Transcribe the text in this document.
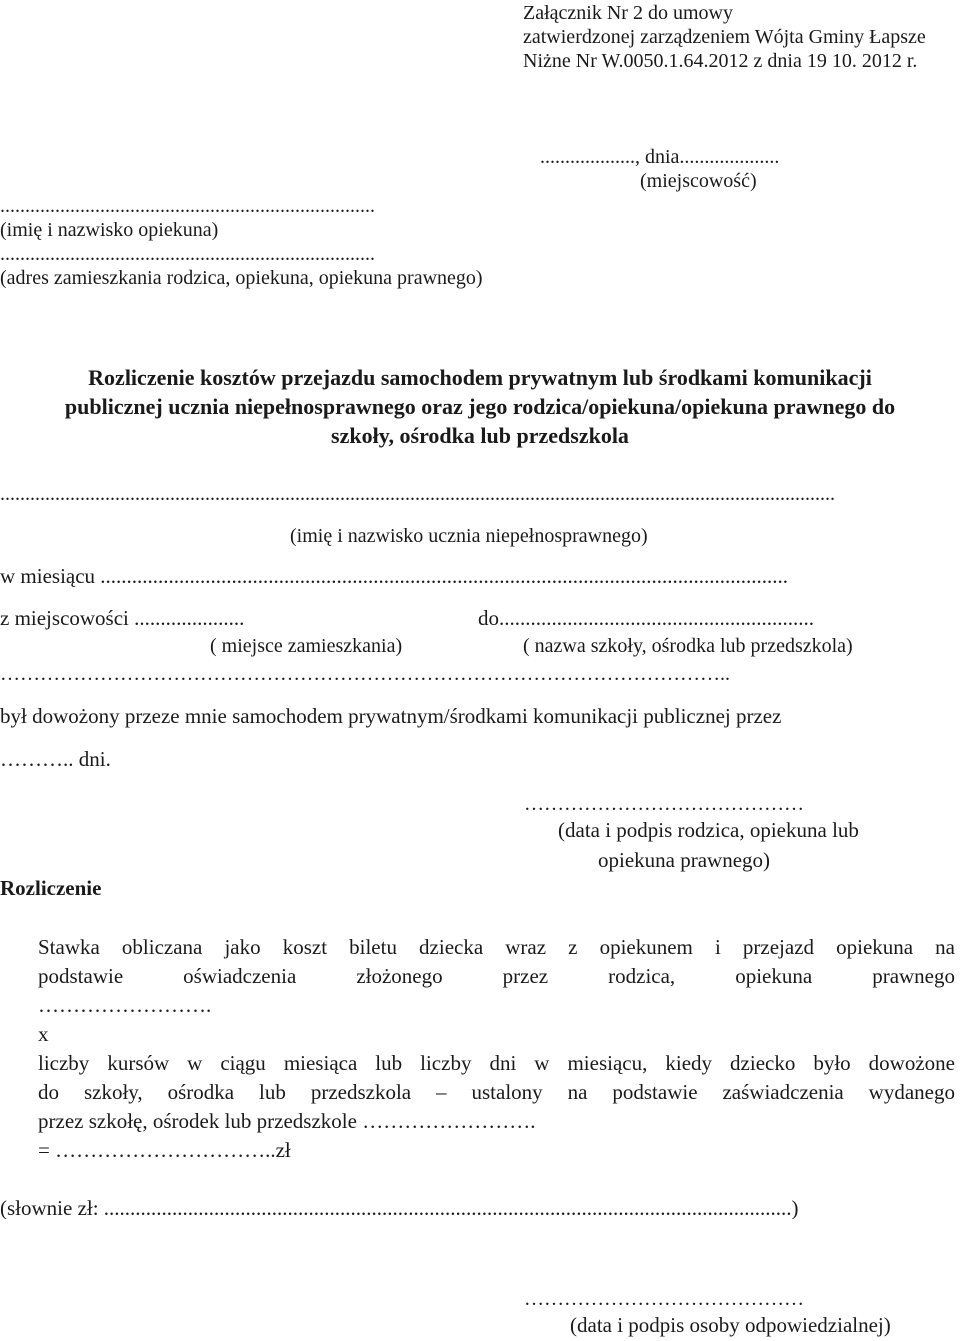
Załącznik Nr 2 do umowy
zatwierdzonej zarządzeniem Wójta Gminy Łapsze
Niżne Nr W.0050.1.64.2012 z dnia 19 10. 2012 r.
..................., dnia....................
(miejscowość)
...........................................................................
(imię i nazwisko opiekuna)
...........................................................................
(adres zamieszkania rodzica, opiekuna, opiekuna prawnego)
Rozliczenie kosztów przejazdu samochodem prywatnym lub środkami komunikacji
publicznej ucznia niepełnosprawnego oraz jego rodzica/opiekuna/opiekuna prawnego do
szkoły, ośrodka lub przedszkola
.......................................................................................................................................................................
(imię i nazwisko ucznia niepełnosprawnego)
w miesiącu ...................................................................................................................................
z miejscowości .....................	do............................................................
( miejsce zamieszkania)	( nazwa szkoły, ośrodka lub przedszkola)
………………………………………………………………………………………………..
był dowożony przeze mnie samochodem prywatnym/środkami komunikacji publicznej przez
……….. dni.
……………………………………
(data i podpis rodzica, opiekuna lub
opiekuna prawnego)
Rozliczenie
Stawka obliczana jako koszt biletu dziecka wraz z opiekunem i przejazd opiekuna na
podstawie oświadczenia złożonego przez rodzica, opiekuna prawnego
…………………….
x
liczby kursów w ciągu miesiąca lub liczby dni w miesiącu, kiedy dziecko było dowożone
do szkoły, ośrodka lub przedszkola – ustalony na podstawie zaświadczenia wydanego
przez szkołę, ośrodek lub przedszkole …………………….
= …………………………..zł
(słownie zł: ...................................................................................................................................)
……………………………………
(data i podpis osoby odpowiedzialnej)
